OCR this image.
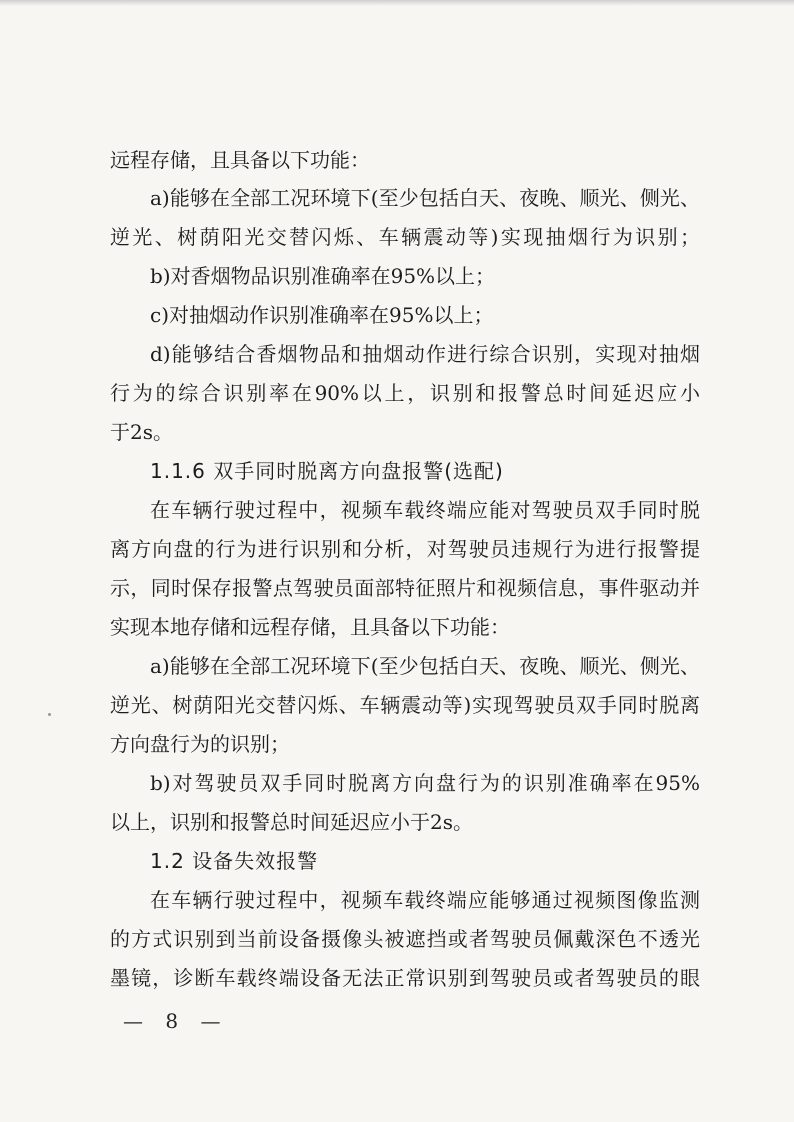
远程存储，且具备以下功能：
a)能够在全部工况环境下(至少包括白天、夜晚、顺光、侧光、
逆光、树荫阳光交替闪烁、车辆震动等)实现抽烟行为识别；
b)对香烟物品识别准确率在95%以上；
c)对抽烟动作识别准确率在95%以上；
d)能够结合香烟物品和抽烟动作进行综合识别，实现对抽烟
行为的综合识别率在90%以上，识别和报警总时间延迟应小
于2s。
1.1.6 双手同时脱离方向盘报警(选配)
在车辆行驶过程中，视频车载终端应能对驾驶员双手同时脱
离方向盘的行为进行识别和分析，对驾驶员违规行为进行报警提
示，同时保存报警点驾驶员面部特征照片和视频信息，事件驱动并
实现本地存储和远程存储，且具备以下功能：
a)能够在全部工况环境下(至少包括白天、夜晚、顺光、侧光、
逆光、树荫阳光交替闪烁、车辆震动等)实现驾驶员双手同时脱离
方向盘行为的识别；
b)对驾驶员双手同时脱离方向盘行为的识别准确率在95%
以上，识别和报警总时间延迟应小于2s。
1.2 设备失效报警
在车辆行驶过程中，视频车载终端应能够通过视频图像监测
的方式识别到当前设备摄像头被遮挡或者驾驶员佩戴深色不透光
墨镜，诊断车载终端设备无法正常识别到驾驶员或者驾驶员的眼
— 8 —
